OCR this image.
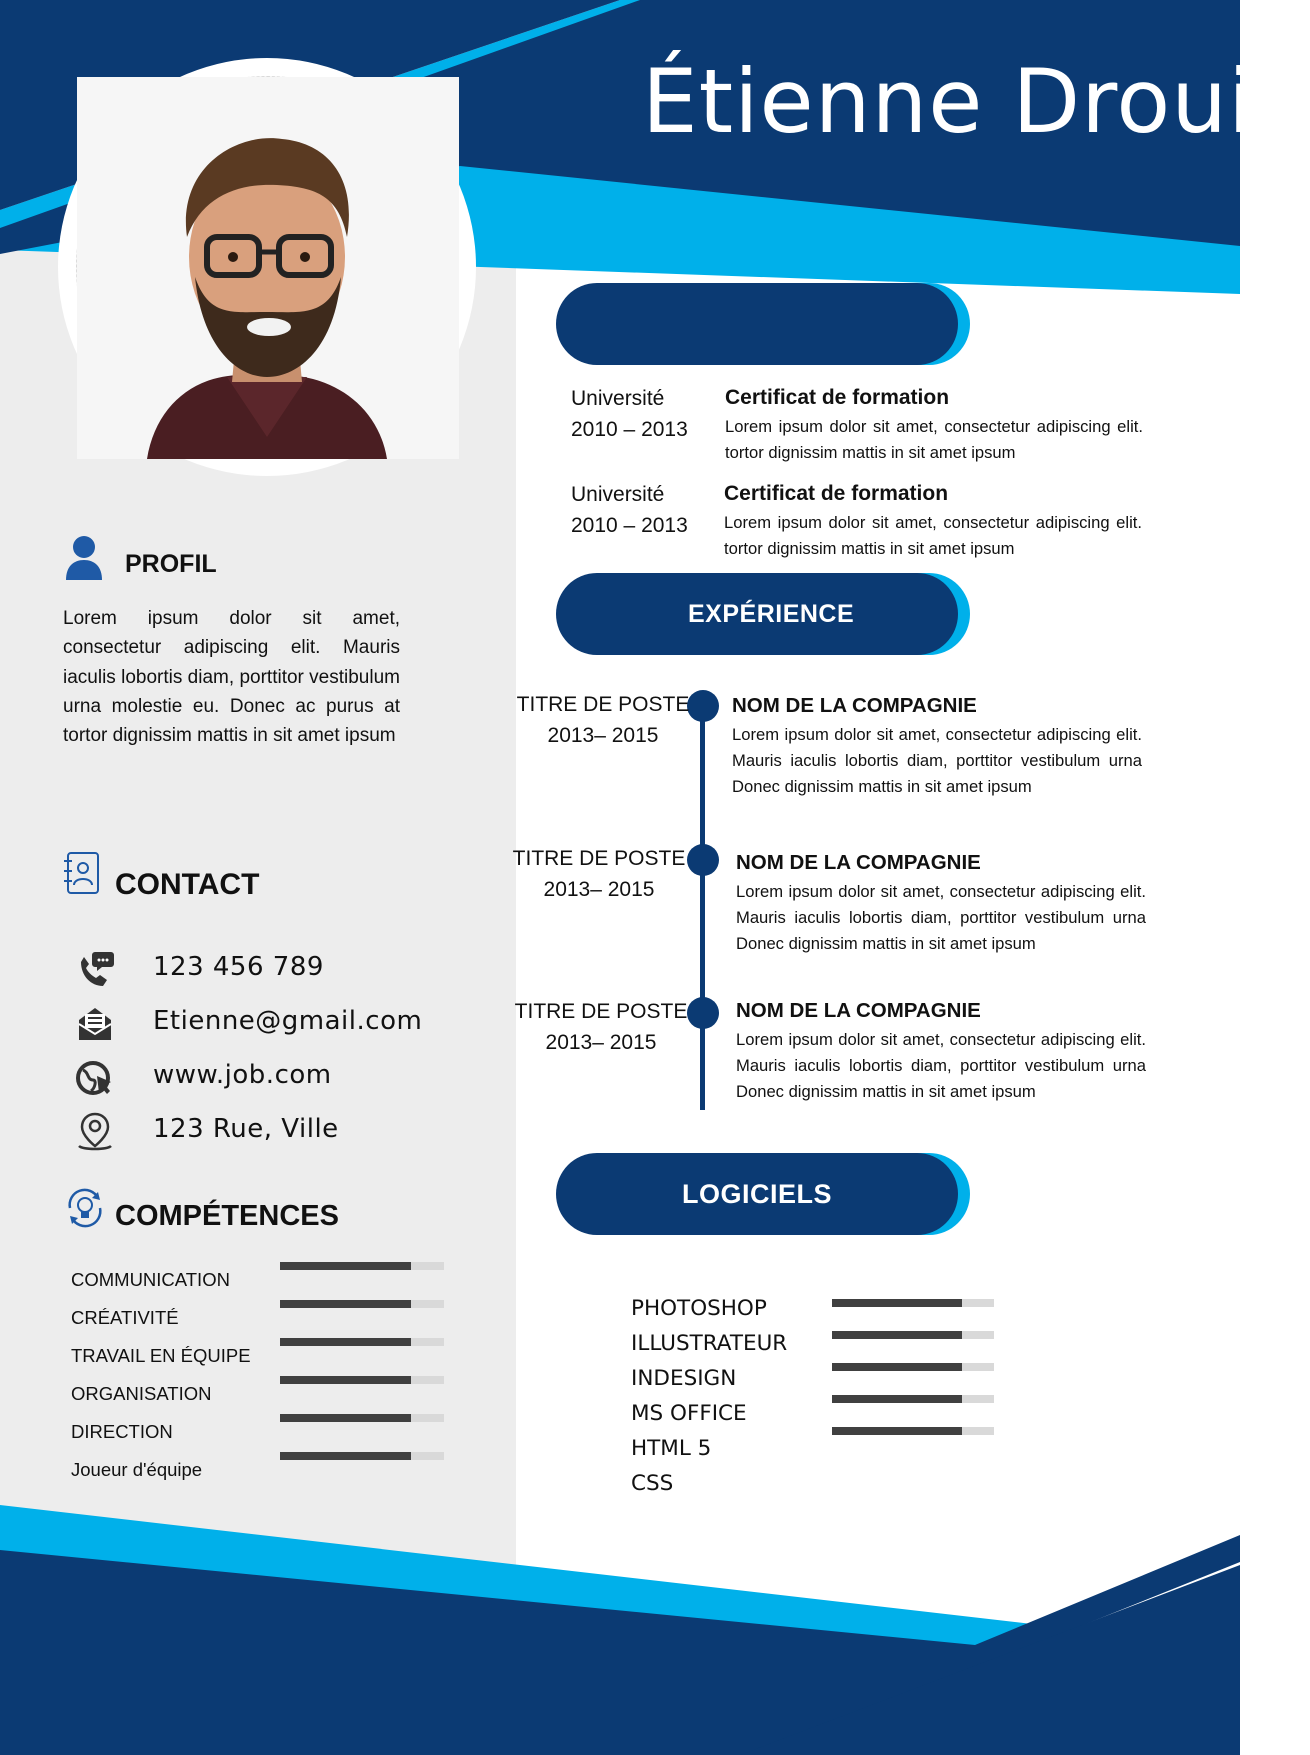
Étienne Drouin
PROFIL
Lorem ipsum dolor sit amet, consectetur adipiscing elit. Mauris iaculis lobortis diam, porttitor vestibulum urna molestie eu. Donec ac purus at tortor dignissim mattis in sit amet ipsum
CONTACT
123 456 789
Etienne@gmail.com
www.job.com
123 Rue, Ville
COMPÉTENCES
COMMUNICATION
CRÉATIVITÉ
TRAVAIL EN ÉQUIPE
ORGANISATION
DIRECTION
Joueur d'équipe
Université
2010 – 2013
Certificat de formation
Lorem ipsum dolor sit amet, consectetur adipiscing elit. tortor dignissim mattis in sit amet ipsum
Université
2010 – 2013
Certificat de formation
Lorem ipsum dolor sit amet, consectetur adipiscing elit. tortor dignissim mattis in sit amet ipsum
EXPÉRIENCE
TITRE DE POSTE
2013– 2015
NOM DE LA COMPAGNIE
Lorem ipsum dolor sit amet, consectetur adipiscing elit. Mauris iaculis lobortis diam, porttitor vestibulum urna Donec dignissim mattis in sit amet ipsum
TITRE DE POSTE
2013– 2015
NOM DE LA COMPAGNIE
Lorem ipsum dolor sit amet, consectetur adipiscing elit. Mauris iaculis lobortis diam, porttitor vestibulum urna Donec dignissim mattis in sit amet ipsum
TITRE DE POSTE
2013– 2015
NOM DE LA COMPAGNIE
Lorem ipsum dolor sit amet, consectetur adipiscing elit. Mauris iaculis lobortis diam, porttitor vestibulum urna Donec dignissim mattis in sit amet ipsum
LOGICIELS
PHOTOSHOP
ILLUSTRATEUR
INDESIGN
MS OFFICE
HTML 5
CSS
